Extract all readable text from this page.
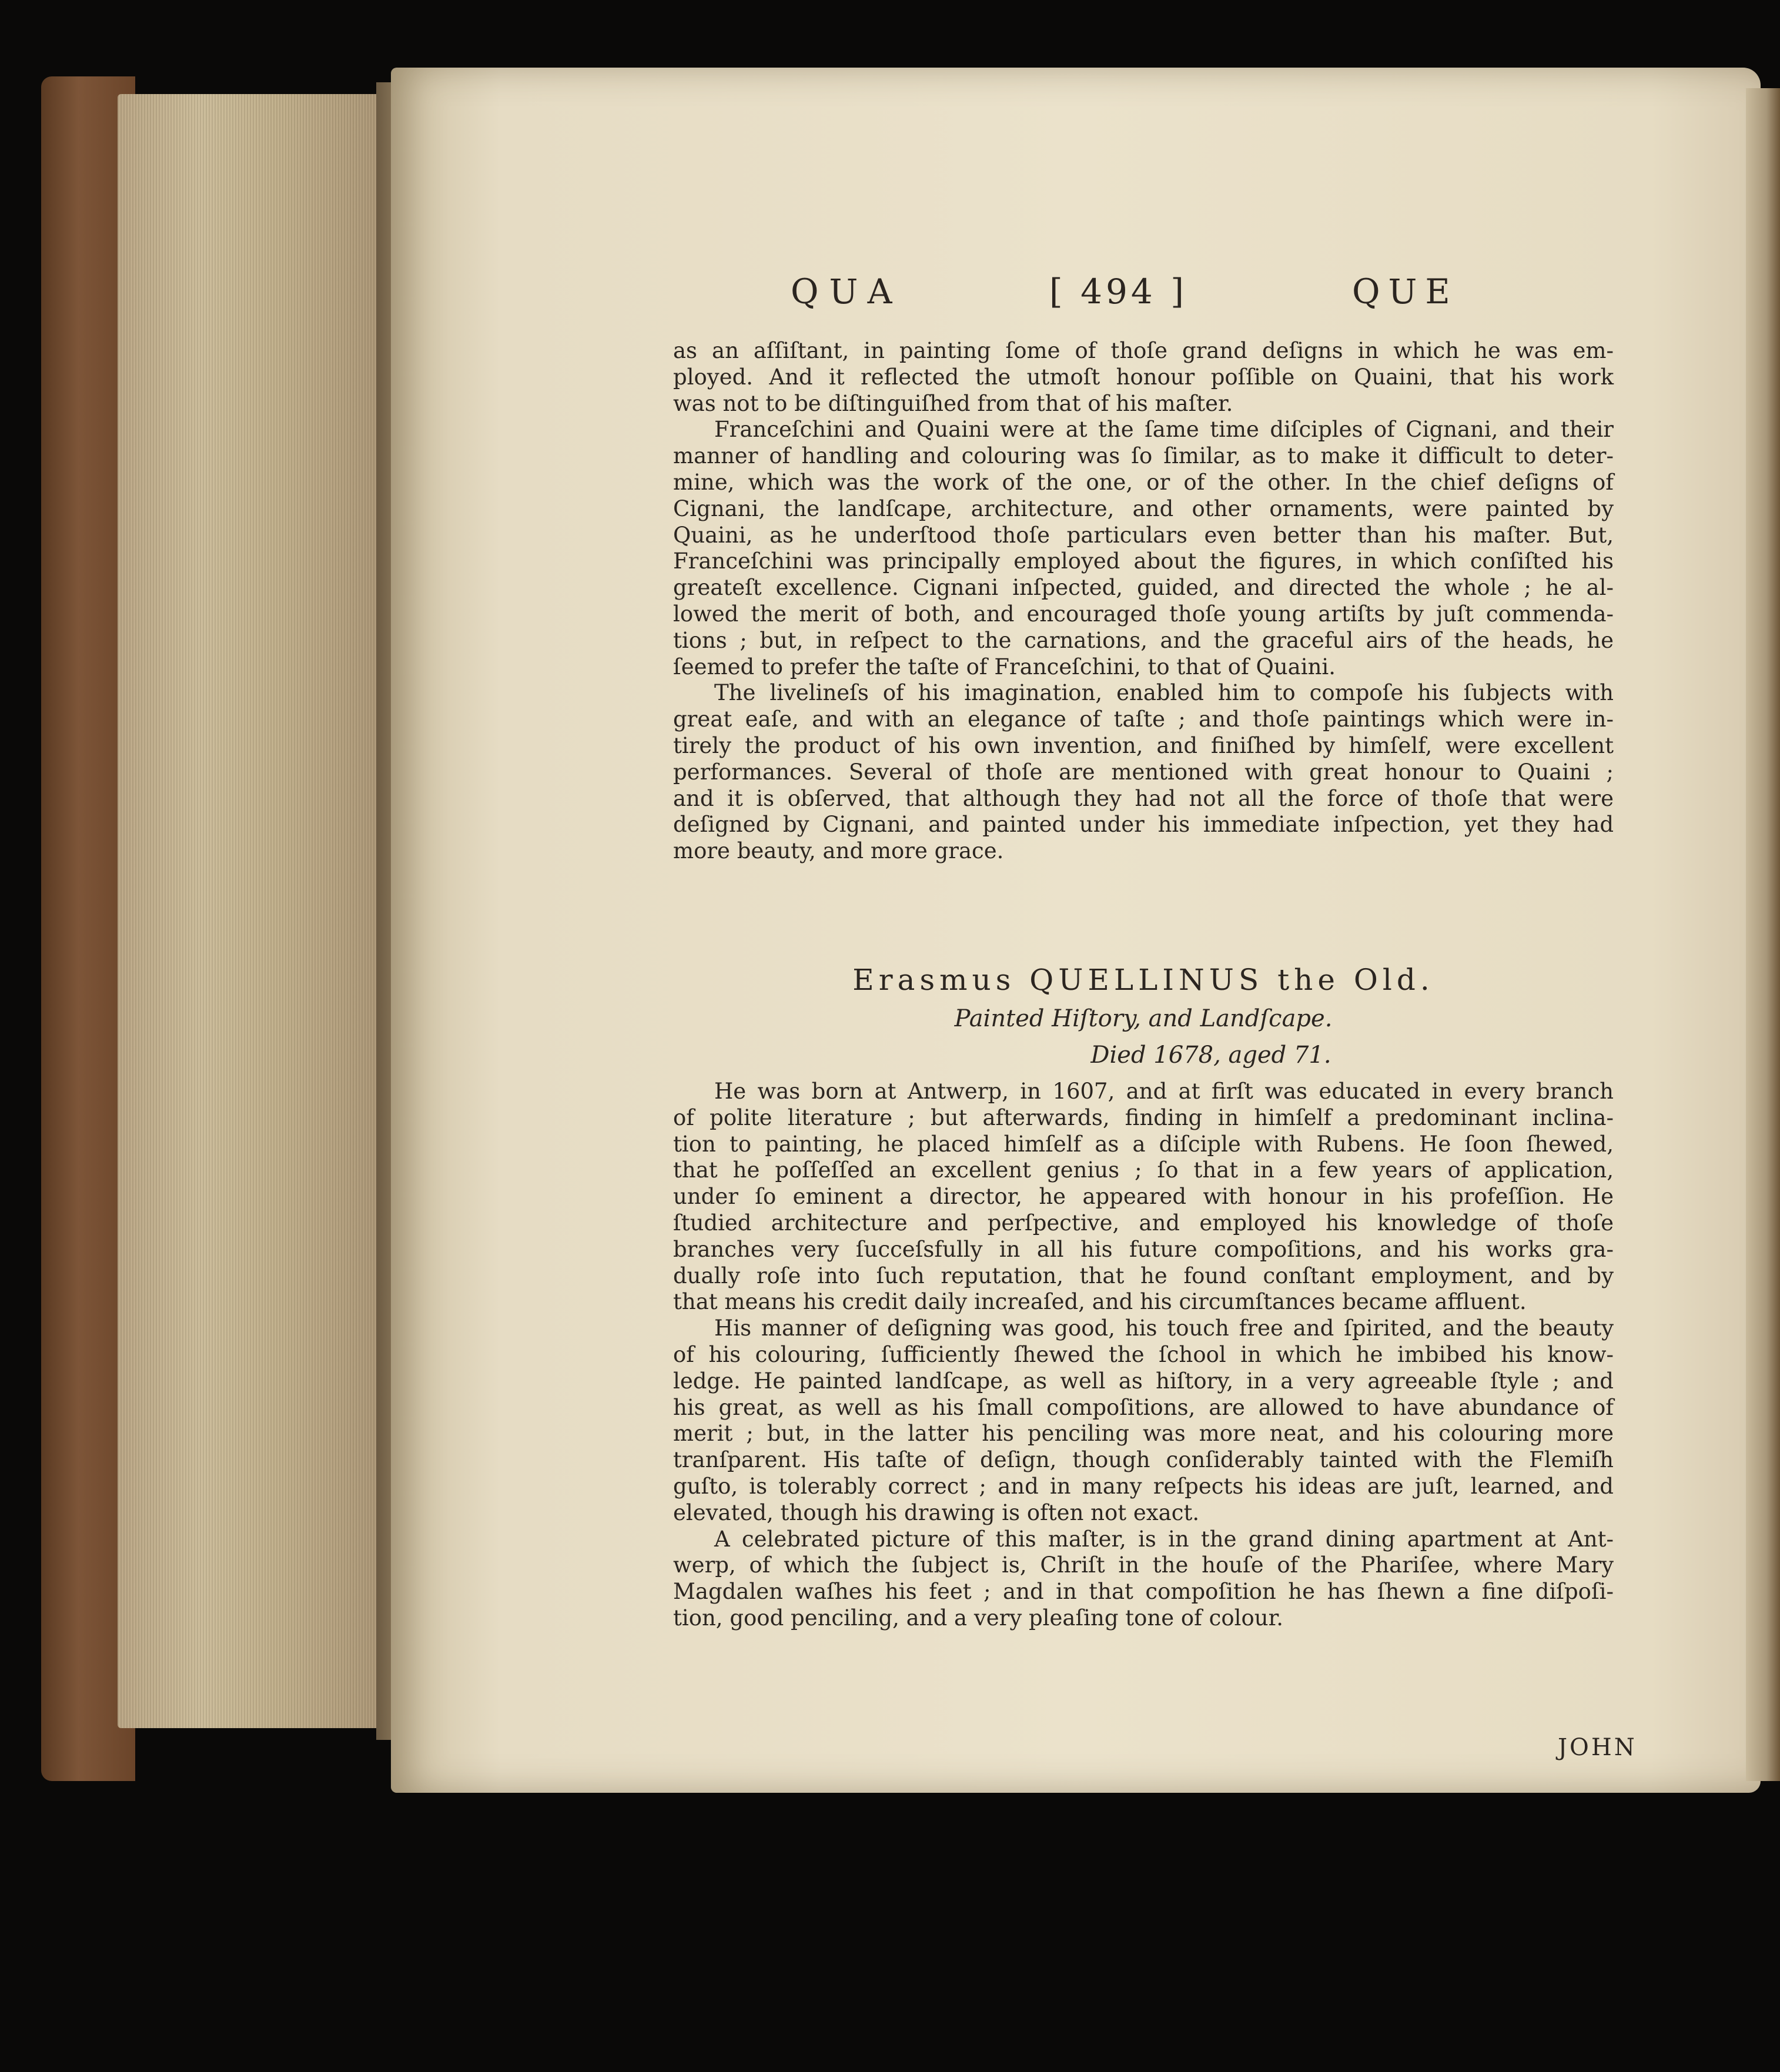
QUA	[ 494 ]	QUE
as an aſſiſtant, in painting ſome of thoſe grand deſigns in which he was em-
ployed. And it reflected the utmoſt honour poſſible on Quaini, that his work
was not to be diſtinguiſhed from that of his maſter.
Franceſchini and Quaini were at the ſame time diſciples of Cignani, and their
manner of handling and colouring was ſo ſimilar, as to make it difficult to deter-
mine, which was the work of the one, or of the other. In the chief deſigns of
Cignani, the landſcape, architecture, and other ornaments, were painted by
Quaini, as he underſtood thoſe particulars even better than his maſter. But,
Franceſchini was principally employed about the figures, in which conſiſted his
greateſt excellence. Cignani inſpected, guided, and directed the whole ; he al-
lowed the merit of both, and encouraged thoſe young artiſts by juſt commenda-
tions ; but, in reſpect to the carnations, and the graceful airs of the heads, he
ſeemed to prefer the taſte of Franceſchini, to that of Quaini.
The livelineſs of his imagination, enabled him to compoſe his ſubjects with
great eaſe, and with an elegance of taſte ; and thoſe paintings which were in-
tirely the product of his own invention, and finiſhed by himſelf, were excellent
performances. Several of thoſe are mentioned with great honour to Quaini ;
and it is obſerved, that although they had not all the force of thoſe that were
deſigned by Cignani, and painted under his immediate inſpection, yet they had
more beauty, and more grace.
Erasmus QUELLINUS the Old.
Painted Hiſtory, and Landſcape.
Died 1678, aged 71.
He was born at Antwerp, in 1607, and at firſt was educated in every branch
of polite literature ; but afterwards, finding in himſelf a predominant inclina-
tion to painting, he placed himſelf as a diſciple with Rubens. He ſoon ſhewed,
that he poſſeſſed an excellent genius ; ſo that in a few years of application,
under ſo eminent a director, he appeared with honour in his profeſſion. He
ſtudied architecture and perſpective, and employed his knowledge of thoſe
branches very ſucceſsfully in all his future compoſitions, and his works gra-
dually roſe into ſuch reputation, that he found conſtant employment, and by
that means his credit daily increaſed, and his circumſtances became affluent.
His manner of deſigning was good, his touch free and ſpirited, and the beauty
of his colouring, ſufficiently ſhewed the ſchool in which he imbibed his know-
ledge. He painted landſcape, as well as hiſtory, in a very agreeable ſtyle ; and
his great, as well as his ſmall compoſitions, are allowed to have abundance of
merit ; but, in the latter his penciling was more neat, and his colouring more
tranſparent. His taſte of deſign, though conſiderably tainted with the Flemiſh
guſto, is tolerably correct ; and in many reſpects his ideas are juſt, learned, and
elevated, though his drawing is often not exact.
A celebrated picture of this maſter, is in the grand dining apartment at Ant-
werp, of which the ſubject is, Chriſt in the houſe of the Phariſee, where Mary
Magdalen waſhes his feet ; and in that compoſition he has ſhewn a fine diſpoſi-
tion, good penciling, and a very pleaſing tone of colour.
JOHN
